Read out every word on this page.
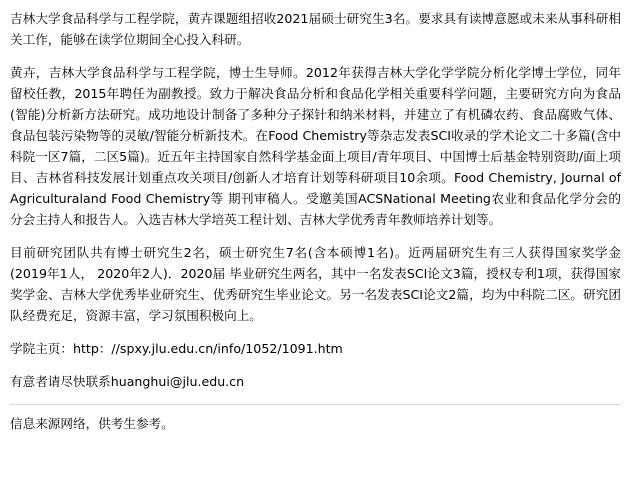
吉林大学食品科学与工程学院，黄卉课题组招收2021届硕士研究生3名。要求具有读博意愿或未来从事科研相关工作，能够在读学位期间全心投入科研。

黄卉，吉林大学食品科学与工程学院，博士生导师。2012年获得吉林大学化学学院分析化学博士学位，同年留校任教，2015年聘任为副教授。致力于解决食品分析和食品化学相关重要科学问题，主要研究方向为食品(智能)分析新方法研究。成功地设计制备了多种分子探针和纳米材料，并建立了有机磷农药、食品腐败气体、食品包装污染物等的灵敏/智能分析新技术。在Food Chemistry等杂志发表SCI收录的学术论文二十多篇(含中科院一区7篇，二区5篇)。近五年主持国家自然科学基金面上项目/青年项目、中国博士后基金特别资助/面上项目、吉林省科技发展计划重点攻关项目/创新人才培育计划等科研项目10余项。Food Chemistry, Journal of Agriculturaland Food Chemistry等 期刊审稿人。受邀美国ACSNational Meeting农业和食品化学分会的分会主持人和报告人。入选吉林大学培英工程计划、吉林大学优秀青年教师培养计划等。

目前研究团队共有博士研究生2名，硕士研究生7名(含本硕博1名)。近两届研究生有三人获得国家奖学金(2019年1人， 2020年2人)．2020届 毕业研究生两名，其中一名发表SCI论文3篇，授权专利1项，获得国家奖学金、吉林大学优秀毕业研究生、优秀研究生毕业论文。另一名发表SCI论文2篇，均为中科院二区。研究团队经费充足，资源丰富，学习氛围积极向上。

学院主页：http：//spxy.jlu.edu.cn/info/1052/1091.htm

有意者请尽快联系huanghui@jlu.edu.cn

信息来源网络，供考生参考。
